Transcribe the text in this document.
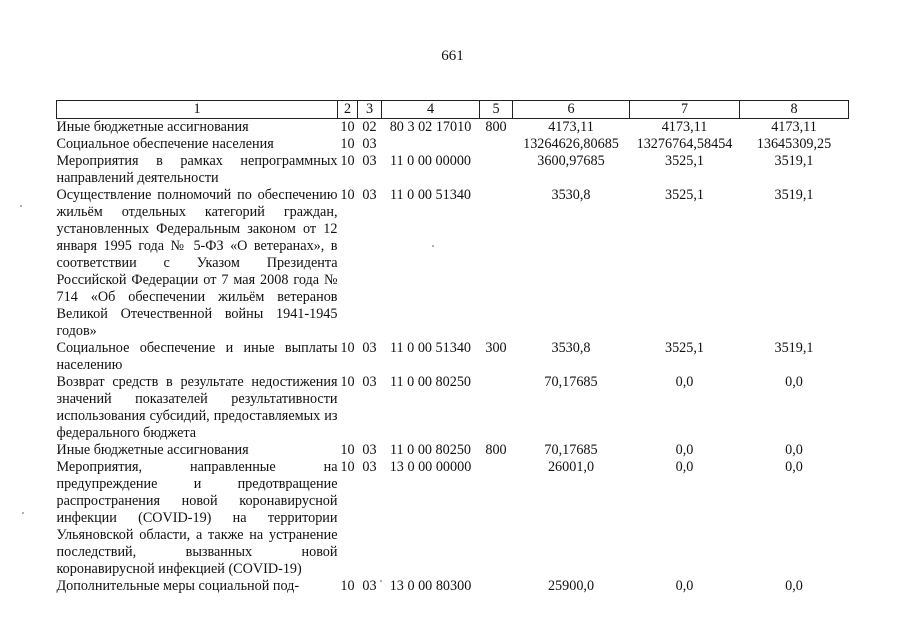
661
1	2	3	4	5	6	7	8
Иные бюджетные ассигнования	10	02	80 3 02 17010	800	4173,11	4173,11	4173,11
Социальное обеспечение населения	10	03			13264626,80685	13276764,58454	13645309,25
Мероприятия в рамках непрограммных направлений деятельности	10	03	11 0 00 00000		3600,97685	3525,1	3519,1
Осуществление полномочий по обеспечению жильём отдельных категорий граждан, установленных Федеральным законом от 12 января 1995 года № 5-ФЗ «О ветеранах», в соответствии с Указом Президента Российской Федерации от 7 мая 2008 года № 714 «Об обеспечении жильём ветеранов Великой Отечественной войны 1941-1945 годов»	10	03	11 0 00 51340		3530,8	3525,1	3519,1
Социальное обеспечение и иные выплаты населению	10	03	11 0 00 51340	300	3530,8	3525,1	3519,1
Возврат средств в результате недостижения значений показателей результативности использования субсидий, предоставляемых из федерального бюджета	10	03	11 0 00 80250		70,17685	0,0	0,0
Иные бюджетные ассигнования	10	03	11 0 00 80250	800	70,17685	0,0	0,0
Мероприятия, направленные на предупреждение и предотвращение распространения новой коронавирусной инфекции (COVID-19) на территории Ульяновской области, а также на устранение последствий, вызванных новой коронавирусной инфекцией (COVID-19)	10	03	13 0 00 00000		26001,0	0,0	0,0
Дополнительные меры социальной под-	10	03	13 0 00 80300		25900,0	0,0	0,0
